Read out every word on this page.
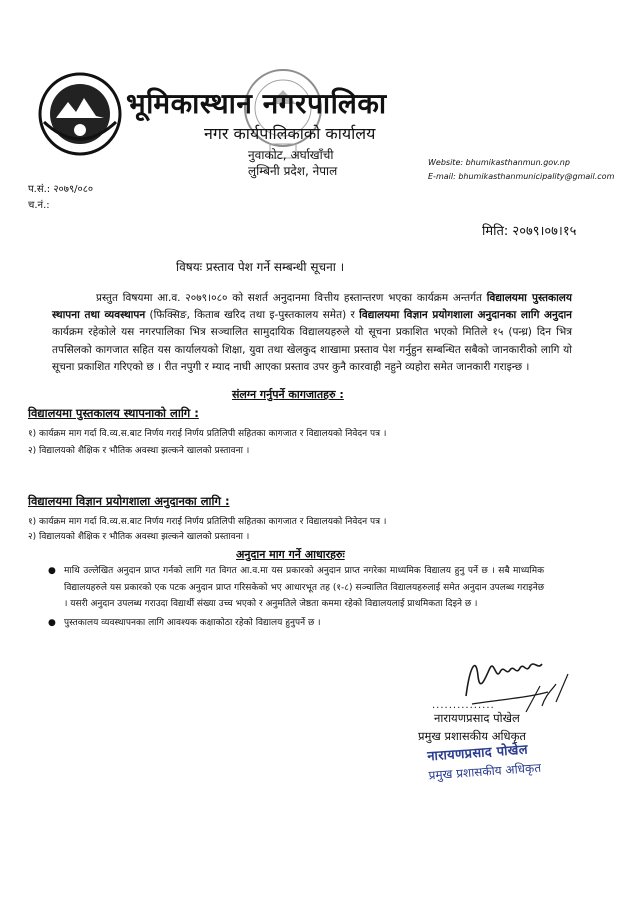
भूमिकास्थान नगरपालिका
नगर कार्यपालिकाको कार्यालय
नुवाकोट, अर्घाखाँची
लुम्बिनी प्रदेश, नेपाल
Website: bhumikasthanmun.gov.np
E-mail: bhumikasthanmunicipality@gmail.com
प.सं.: २०७९/०८०
च.नं.:
मिति: २०७९।०७।१५
विषयः प्रस्ताव पेश गर्ने सम्बन्धी सूचना ।
प्रस्तुत विषयमा आ.व. २०७९।०८० को सशर्त अनुदानमा वित्तीय हस्तान्तरण भएका कार्यक्रम अन्तर्गत विद्यालयमा पुस्तकालय स्थापना तथा व्यवस्थापन (फिक्सिङ, किताब खरिद तथा इ-पुस्तकालय समेत) र विद्यालयमा विज्ञान प्रयोगशाला अनुदानका लागि अनुदान कार्यक्रम रहेकोले यस नगरपालिका भित्र सञ्चालित सामुदायिक विद्यालयहरुले यो सूचना प्रकाशित भएको मितिले १५ (पन्ध्र) दिन भित्र तपसिलको कागजात सहित यस कार्यालयको शिक्षा, युवा तथा खेलकुद शाखामा प्रस्ताव पेश गर्नुहुन सम्बन्धित सबैको जानकारीको लागि यो सूचना प्रकाशित गरिएको छ । रीत नपुगी र म्याद नाघी आएका प्रस्ताव उपर कुनै कारवाही नहुने व्यहोरा समेत जानकारी गराइन्छ ।
संलग्न गर्नुपर्ने कागजातहरु :
विद्यालयमा पुस्तकालय स्थापनाको लागि :
१) कार्यक्रम माग गर्दा वि.व्य.स.बाट निर्णय गराई निर्णय प्रतिलिपी सहितका कागजात र विद्यालयको निवेदन पत्र ।
२) विद्यालयको शैक्षिक र भौतिक अवस्था झल्कने खालको प्रस्तावना ।
विद्यालयमा विज्ञान प्रयोगशाला अनुदानका लागि :
१) कार्यक्रम माग गर्दा वि.व्य.स.बाट निर्णय गराई निर्णय प्रतिलिपी सहितका कागजात र विद्यालयको निवेदन पत्र ।
२) विद्यालयको शैक्षिक र भौतिक अवस्था झल्कने खालको प्रस्तावना ।
अनुदान माग गर्ने आधारहरुः
● माथि उल्लेखित अनुदान प्राप्त गर्नको लागि गत विगत आ.व.मा यस प्रकारको अनुदान प्राप्त नगरेका माध्यमिक विद्यालय हुनु पर्ने छ । सबै माध्यमिक विद्यालयहरुले यस प्रकारको एक पटक अनुदान प्राप्त गरिसकेको भए आधारभूत तह (१-८) सञ्चालित विद्यालयहरुलाई समेत अनुदान उपलब्ध गराइनेछ । यसरी अनुदान उपलब्ध गराउदा विद्यार्थी संख्या उच्च भएको र अनुमतिले जेष्ठता कममा रहेको विद्यालयलाई प्राथमिकता दिइने छ ।
● पुस्तकालय व्यवस्थापनका लागि आवश्यक कक्षाकोठा रहेको विद्यालय हुनुपर्ने छ ।
...............
नारायणप्रसाद पोखेल
प्रमुख प्रशासकीय अधिकृत
नारायणप्रसाद पोखेल
प्रमुख प्रशासकीय अधिकृत
